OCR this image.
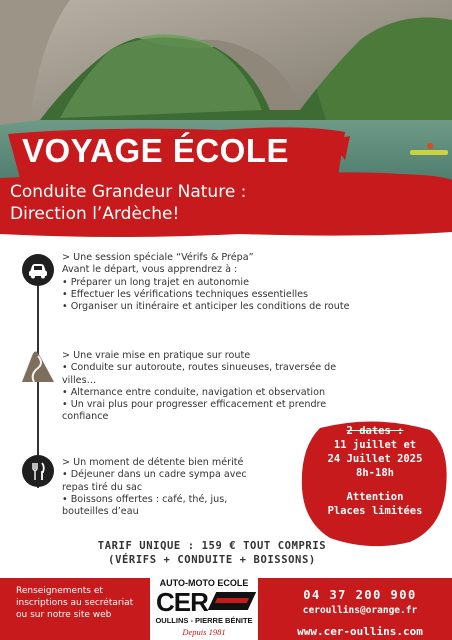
VOYAGE ÉCOLE
Conduite Grandeur Nature :
Direction l’Ardèche!

> Une session spéciale “Vérifs & Prépa”

Avant le départ, vous apprendrez à :

• Préparer un long trajet en autonomie

• Effectuer les vérifications techniques essentielles

• Organiser un itinéraire et anticiper les conditions de route

> Une vraie mise en pratique sur route

• Conduite sur autoroute, routes sinueuses, traversée de

villes…

• Alternance entre conduite, navigation et observation

• Un vrai plus pour progresser efficacement et prendre

confiance

> Un moment de détente bien mérité

• Déjeuner dans un cadre sympa avec

repas tiré du sac

• Boissons offertes : café, thé, jus,

bouteilles d’eau

2 dates :

11 juillet et

24 Juillet 2025

8h-18h

Attention

Places limitées

TARIF UNIQUE : 159 € TOUT COMPRIS

(VÉRIFS + CONDUITE + BOISSONS)

Renseignements et

inscriptions au secrétariat

ou sur notre site web

AUTO-MOTO ECOLE
CER
OULLINS - PIERRE BÉNITE
Depuis 1981

04 37 200 900

ceroullins@orange.fr

www.cer-oullins.com
